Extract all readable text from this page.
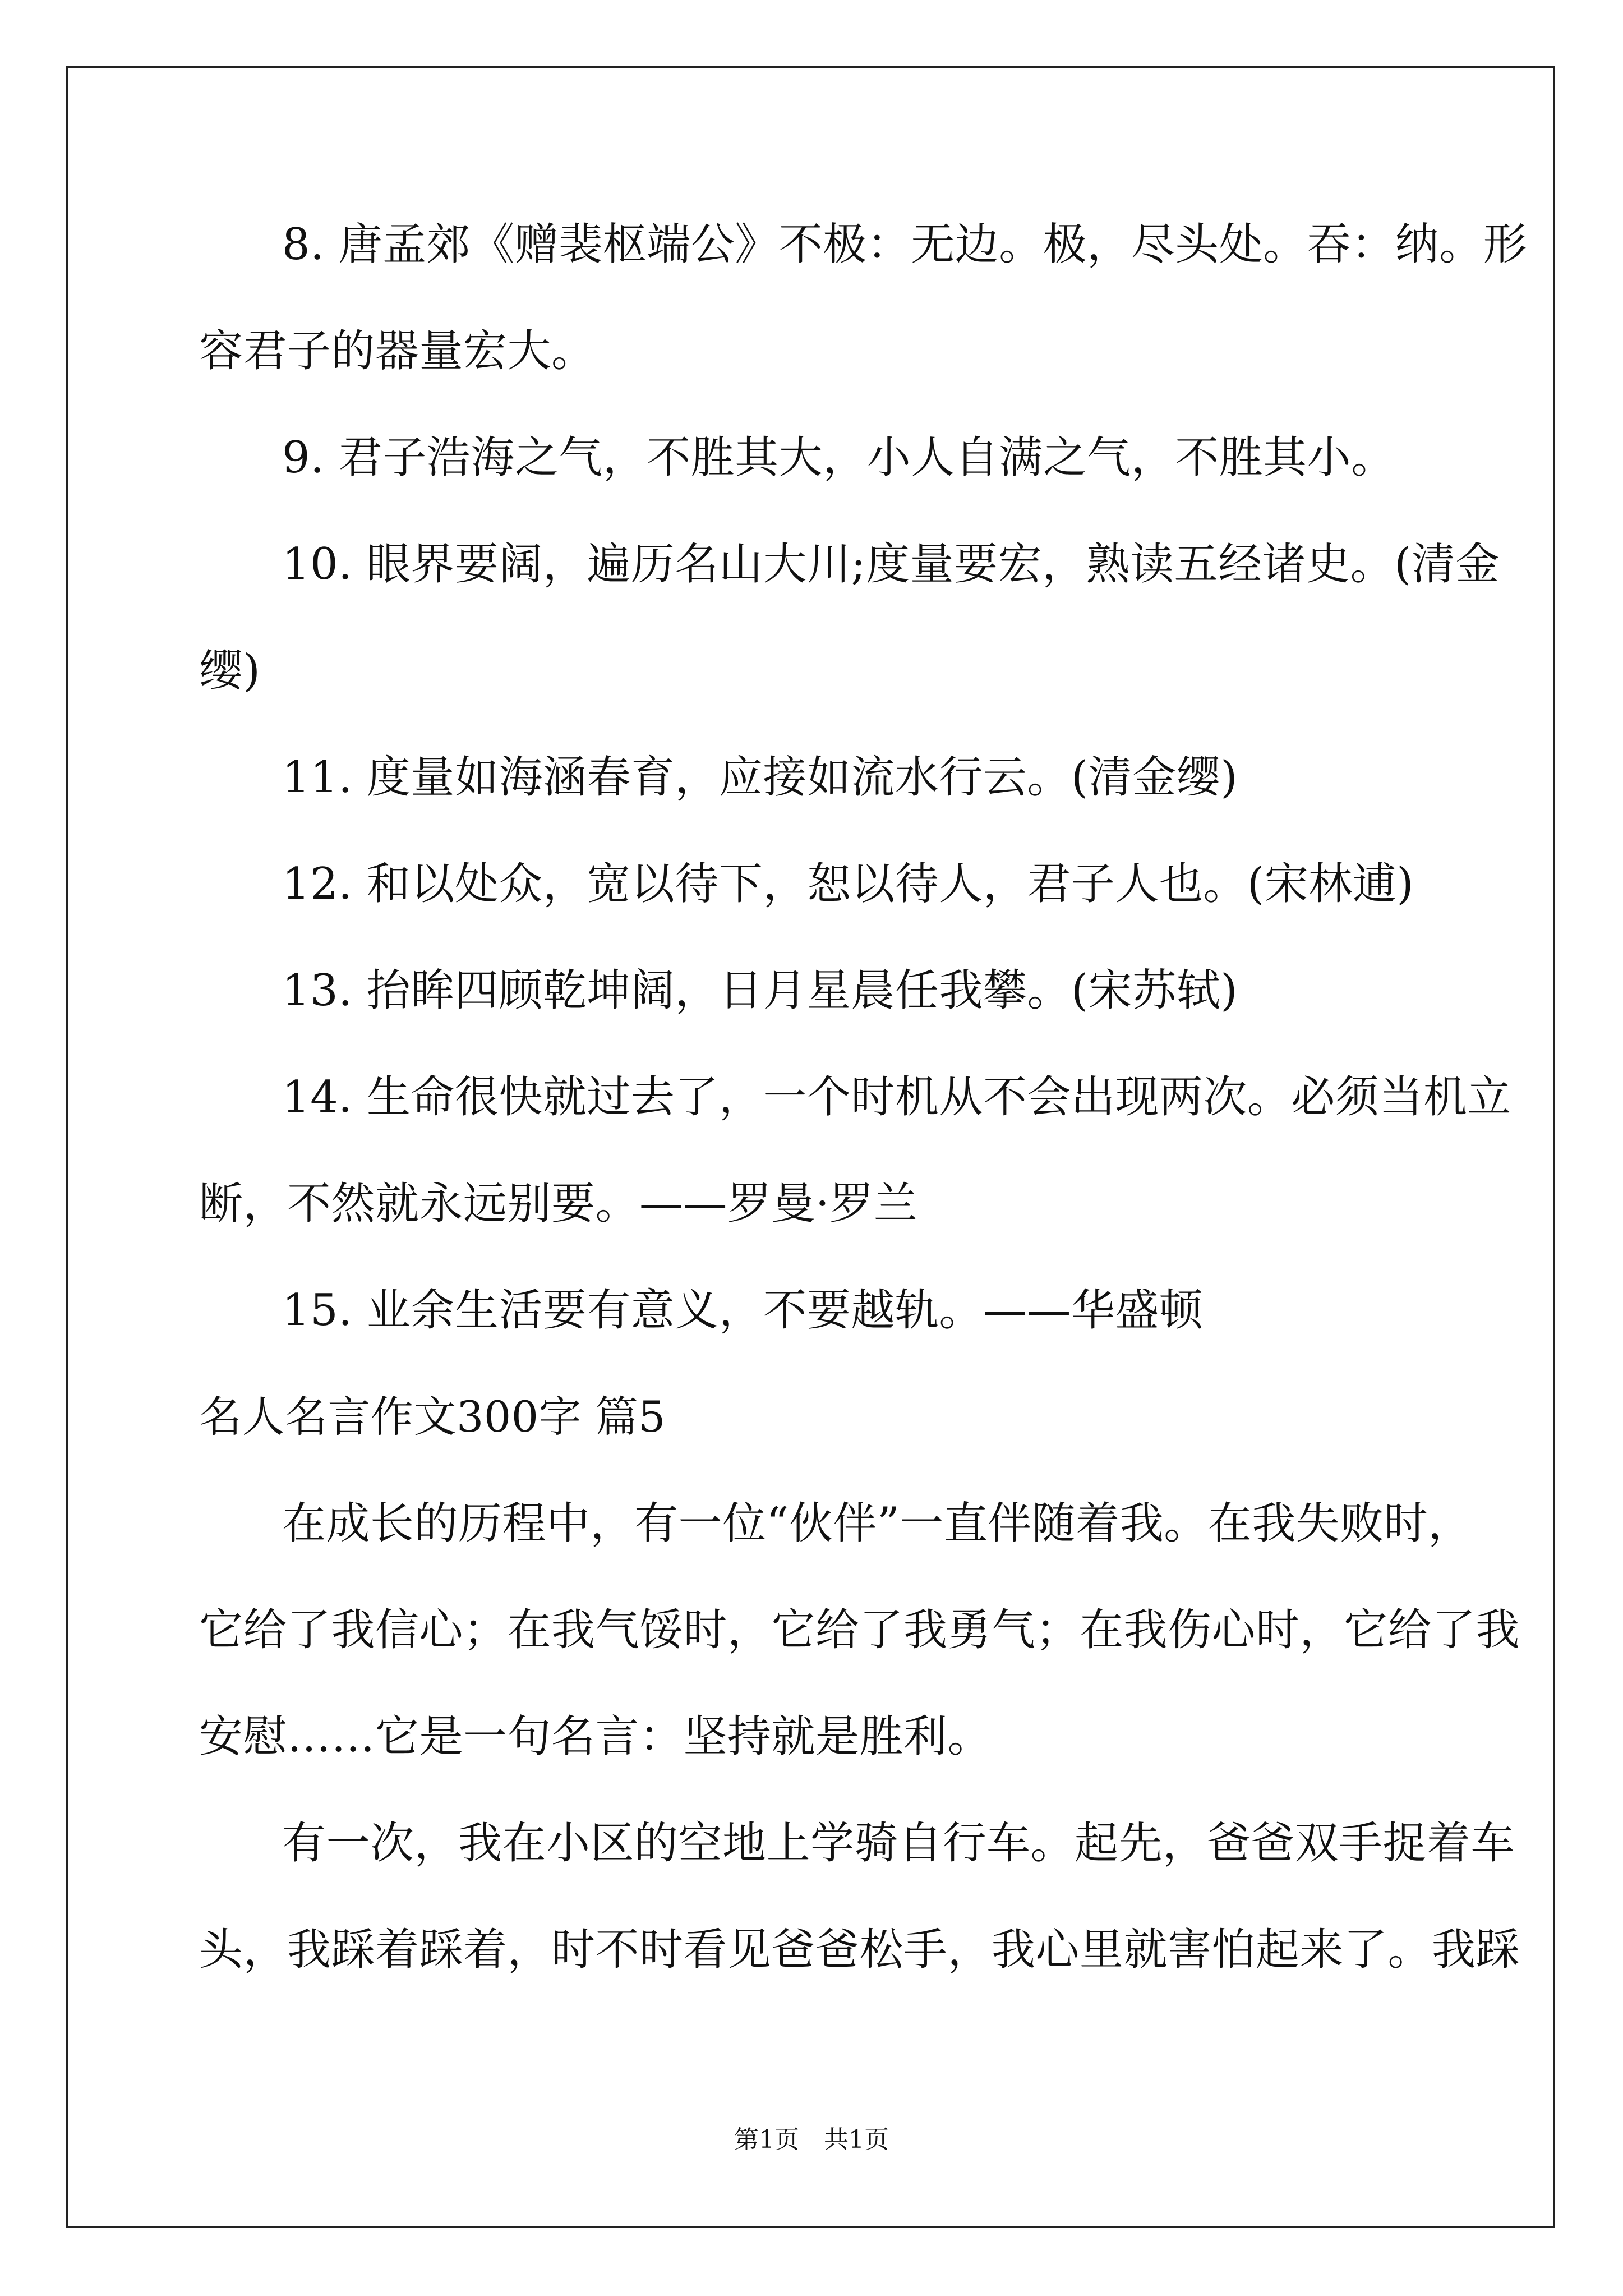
8. 唐孟郊《赠裴枢端公》不极：无边。极，尽头处。吞：纳。形

容君子的器量宏大。

9. 君子浩海之气，不胜其大，小人自满之气，不胜其小。

10. 眼界要阔，遍历名山大川;度量要宏，熟读五经诸史。(清金

缨)

11. 度量如海涵春育，应接如流水行云。(清金缨)

12. 和以处众，宽以待下，恕以待人，君子人也。(宋林逋)

13. 抬眸四顾乾坤阔，日月星晨任我攀。(宋苏轼)

14. 生命很快就过去了，一个时机从不会出现两次。必须当机立

断，不然就永远别要。——罗曼·罗兰

15. 业余生活要有意义，不要越轨。——华盛顿

名人名言作文300字 篇5

在成长的历程中，有一位“伙伴”一直伴随着我。在我失败时，

它给了我信心；在我气馁时，它给了我勇气；在我伤心时，它给了我

安慰……它是一句名言：坚持就是胜利。

有一次，我在小区的空地上学骑自行车。起先，爸爸双手捉着车

头，我踩着踩着，时不时看见爸爸松手，我心里就害怕起来了。我踩

第1页　共1页
